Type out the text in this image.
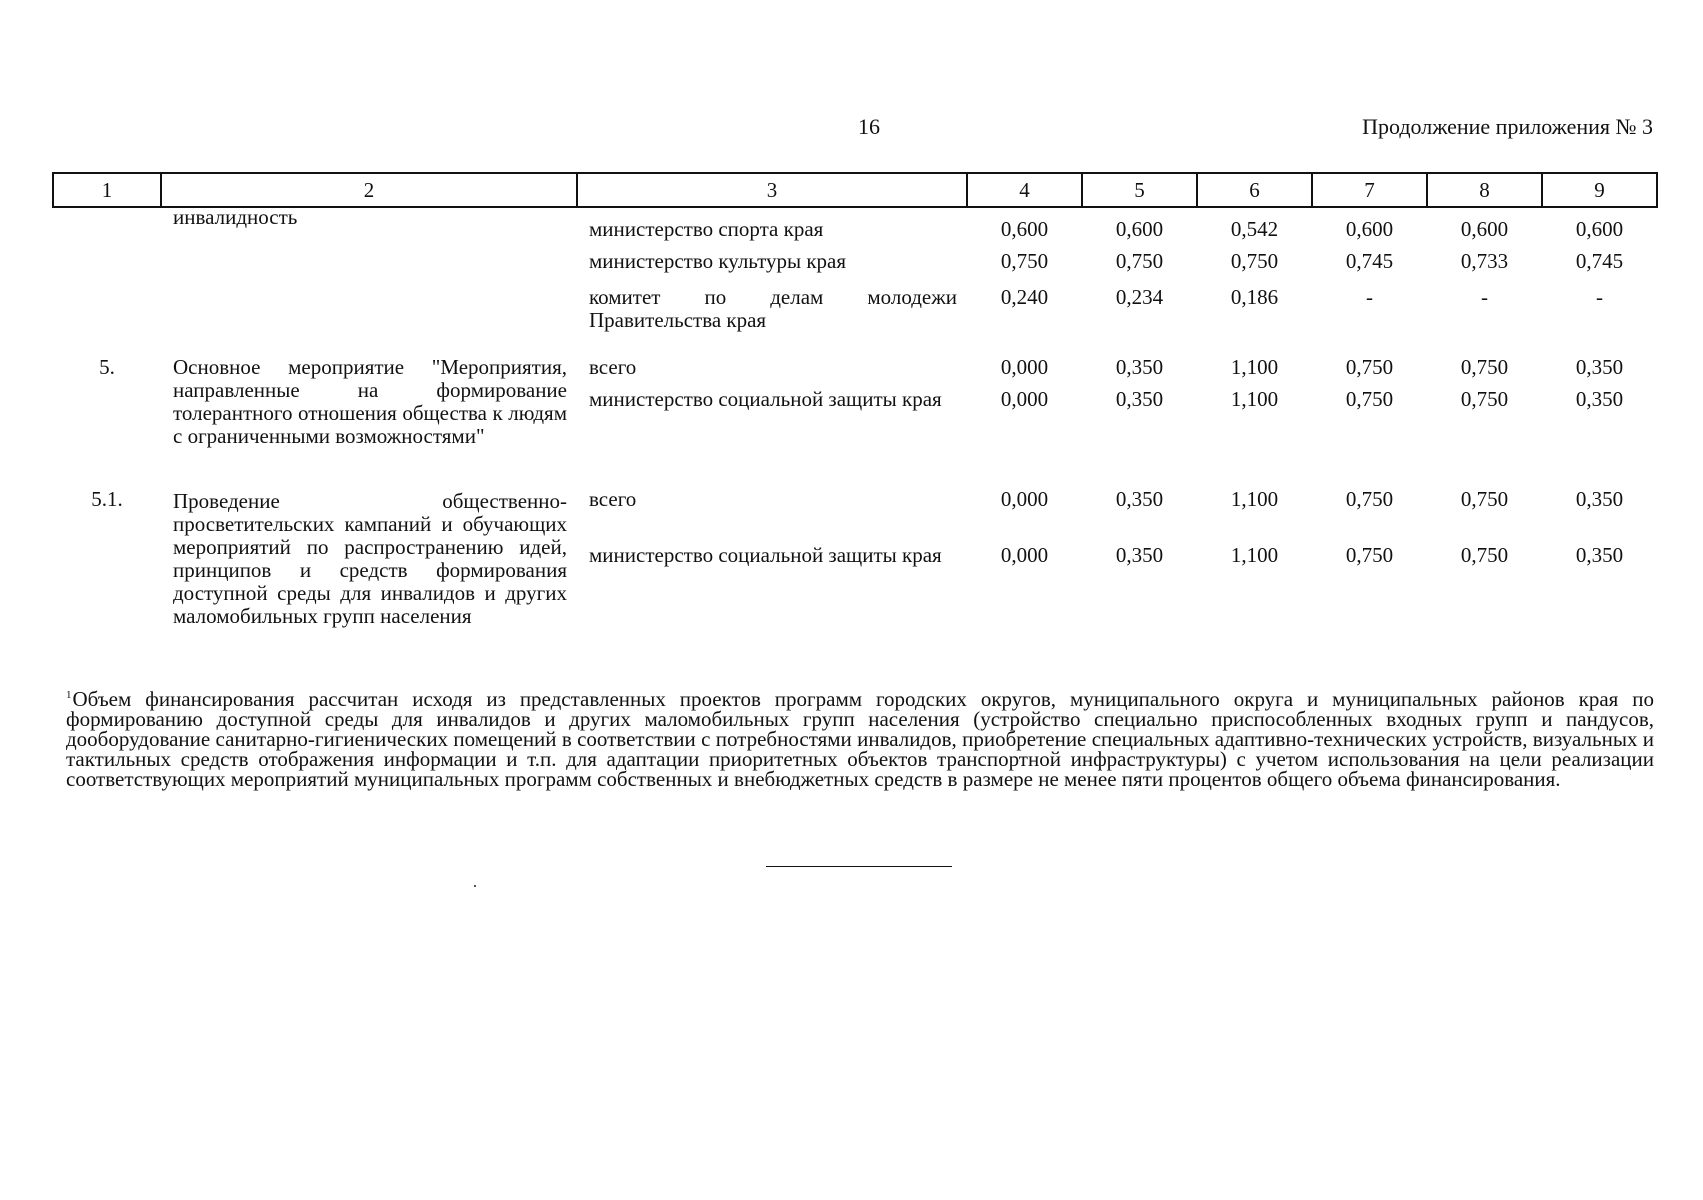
16	Продолжение приложения № 3
1	2	3	4	5	6	7	8	9
	инвалидность	министерство спорта края	0,600	0,600	0,542	0,600	0,600	0,600
		министерство культуры края	0,750	0,750	0,750	0,745	0,733	0,745
		комитет по делам молодежи Правительства края	0,240	0,234	0,186	-	-	-
5.	Основное мероприятие "Мероприятия, направленные на формирование толерантного отношения общества к людям с ограниченными возможностями"	всего	0,000	0,350	1,100	0,750	0,750	0,350
		министерство социальной защиты края	0,000	0,350	1,100	0,750	0,750	0,350
5.1.	Проведение общественно-просветительских кампаний и обучающих мероприятий по распространению идей, принципов и средств формирования доступной среды для инвалидов и других маломобильных групп населения	всего	0,000	0,350	1,100	0,750	0,750	0,350
		министерство социальной защиты края	0,000	0,350	1,100	0,750	0,750	0,350
$^1$Объем финансирования рассчитан исходя из представленных проектов программ городских округов, муниципального округа и муниципальных районов края по формированию доступной среды для инвалидов и других маломобильных групп населения (устройство специально приспособленных входных групп и пандусов, дооборудование санитарно-гигиенических помещений в соответствии с потребностями инвалидов, приобретение специальных адаптивно-технических устройств, визуальных и тактильных средств отображения информации и т.п. для адаптации приоритетных объектов транспортной инфраструктуры) с учетом использования на цели реализации соответствующих мероприятий муниципальных программ собственных и внебюджетных средств в размере не менее пяти процентов общего объема финансирования.
